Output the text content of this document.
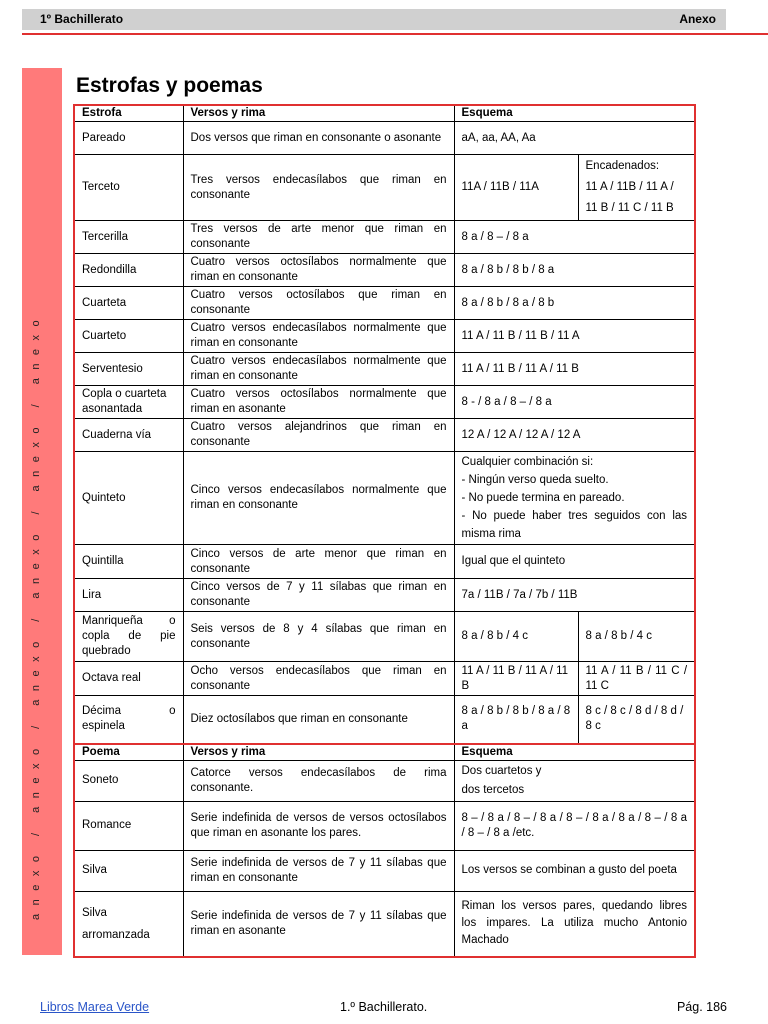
1º Bachillerato	Anexo
anexo / anexo / anexo / anexo / anexo / anexo
Estrofas y poemas
Estrofa	Versos y rima	Esquema	
Pareado	Dos versos que riman en consonante o asonante	aA, aa, AA, Aa	
Terceto	Tres versos endecasílabos que riman en consonante	11A / 11B / 11A	Encadenados:
11 A / 11B / 11 A /
11 B / 11 C / 11 B

Tercerilla	Tres versos de arte menor que riman en consonante	8 a / 8 – / 8 a	
Redondilla	Cuatro versos octosílabos normalmente que riman en consonante	8 a / 8 b / 8 b / 8 a	
Cuarteta	Cuatro versos octosílabos que riman en consonante	8 a / 8 b / 8 a / 8 b	
Cuarteto	Cuatro versos endecasílabos normalmente que riman en consonante	11 A / 11 B / 11 B / 11 A	
Serventesio	Cuatro versos endecasílabos normalmente que riman en consonante	11 A / 11 B / 11 A / 11 B	
Copla o cuarteta asonantada	Cuatro versos octosílabos normalmente que riman en asonante	8 - / 8 a / 8 – / 8 a	
Cuaderna vía	Cuatro versos alejandrinos que riman en consonante	12 A / 12 A / 12 A / 12 A	
Quinteto	Cinco versos endecasílabos normalmente que riman en consonante	Cualquier combinación si:
- Ningún verso queda suelto.
- No puede termina en pareado.
- No puede haber tres seguidos con las misma rima	

Quintilla	Cinco versos de arte menor que riman en consonante	Igual que el quinteto	
Lira	Cinco versos de 7 y 11 sílabas que riman en consonante	7a / 11B / 7a / 7b / 11B	
Manriqueña o copla de pie quebrado	Seis versos de 8 y 4 sílabas que riman en consonante	8 a / 8 b / 4 c	8 a / 8 b / 4 c
Octava real	Ocho versos endecasílabos que riman en consonante	11 A / 11 B / 11 A / 11 B	11 A / 11 B / 11 C / 11 C
Décima o espinela	Diez octosílabos que riman en consonante	8 a / 8 b / 8 b / 8 a / 8 a	8 c / 8 c / 8 d / 8 d / 8 c
Poema	Versos y rima	Esquema	
Soneto	Catorce versos endecasílabos de rima consonante.	Dos cuartetos y
dos tercetos	

Romance	Serie indefinida de versos de versos octosílabos que riman en asonante los pares.	8 – / 8 a / 8 – / 8 a / 8 – / 8 a / 8 a / 8 – / 8 a / 8 – / 8 a /etc.	
Silva	Serie indefinida de versos de 7 y 11 sílabas que riman en consonante	Los versos se combinan a gusto del poeta	
Silva arromanzada	Serie indefinida de versos de 7 y 11 sílabas que riman en asonante	Riman los versos pares, quedando libres los impares. La utiliza mucho Antonio Machado	
Libros Marea Verde	1.º Bachillerato.	Pág. 186
